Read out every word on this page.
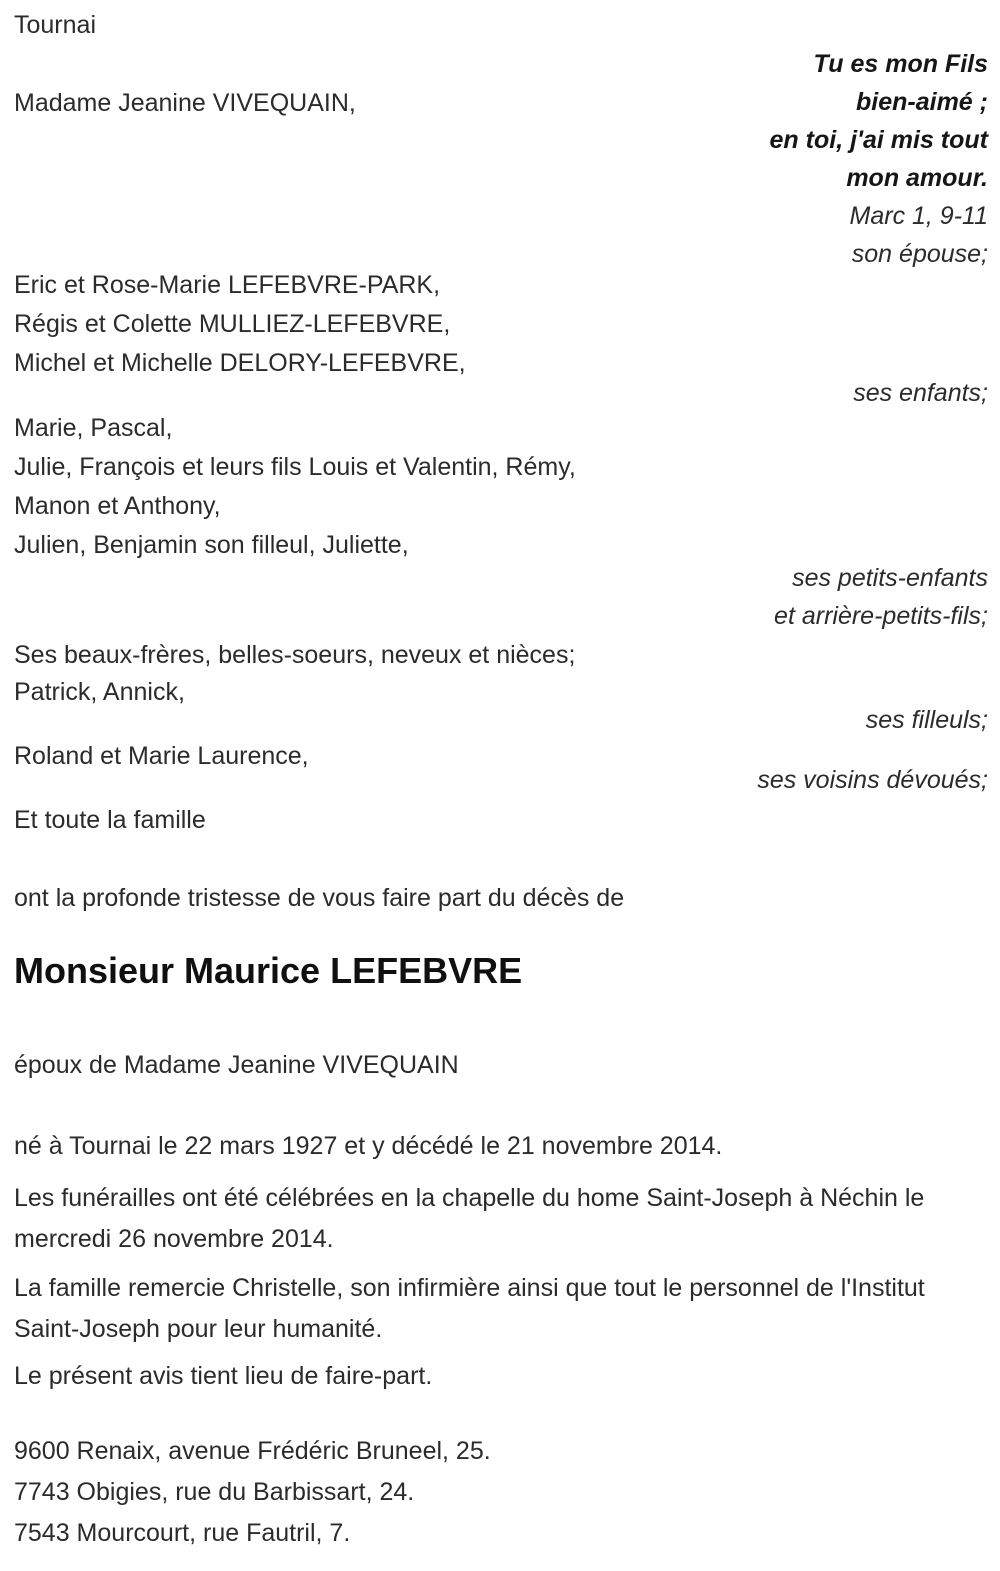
Tournai
Tu es mon Fils
bien-aimé ;
en toi, j'ai mis tout
mon amour.
Marc 1, 9-11
son épouse;
Madame Jeanine VIVEQUAIN,
Eric et Rose-Marie LEFEBVRE-PARK,
Régis et Colette MULLIEZ-LEFEBVRE,
Michel et Michelle DELORY-LEFEBVRE,
ses enfants;
Marie, Pascal,
Julie, François et leurs fils Louis et Valentin, Rémy,
Manon et Anthony,
Julien, Benjamin son filleul, Juliette,
ses petits-enfants
et arrière-petits-fils;
Ses beaux-frères, belles-soeurs, neveux et nièces;
Patrick, Annick,
ses filleuls;
Roland et Marie Laurence,
ses voisins dévoués;
Et toute la famille
ont la profonde tristesse de vous faire part du décès de
Monsieur Maurice LEFEBVRE
époux de Madame Jeanine VIVEQUAIN
né à Tournai le 22 mars 1927 et y décédé le 21 novembre 2014.
Les funérailles ont été célébrées en la chapelle du home Saint-Joseph à Néchin le mercredi 26 novembre 2014.
La famille remercie Christelle, son infirmière ainsi que tout le personnel de l'Institut Saint-Joseph pour leur humanité.
Le présent avis tient lieu de faire-part.
9600 Renaix, avenue Frédéric Bruneel, 25.
7743 Obigies, rue du Barbissart, 24.
7543 Mourcourt, rue Fautril, 7.
